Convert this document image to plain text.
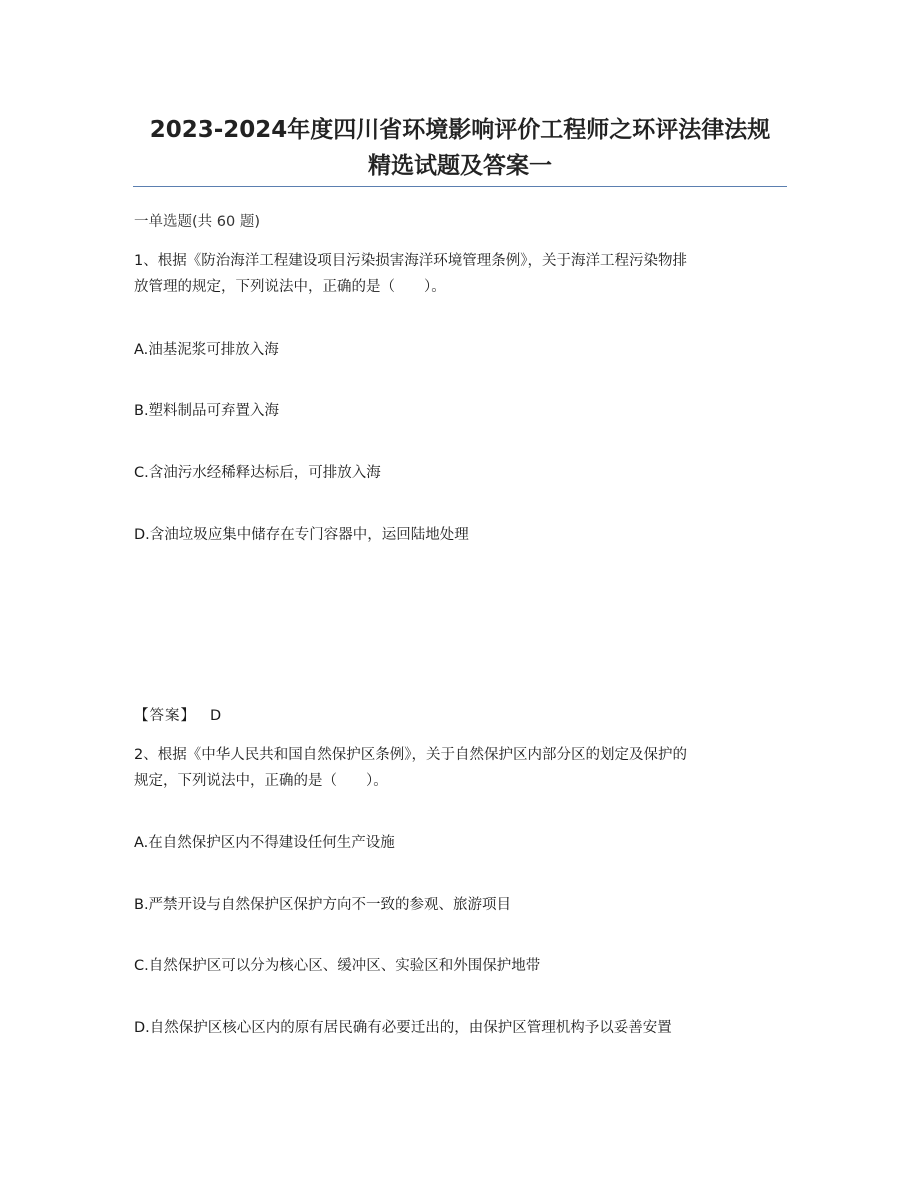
2023-2024年度四川省环境影响评价工程师之环评法律法规
精选试题及答案一
一单选题(共 60 题)
1、根据《防治海洋工程建设项目污染损害海洋环境管理条例》，关于海洋工程污染物排
放管理的规定，下列说法中，正确的是（　　）。
A.油基泥浆可排放入海
B.塑料制品可弃置入海
C.含油污水经稀释达标后，可排放入海
D.含油垃圾应集中储存在专门容器中，运回陆地处理
【答案】 D
2、根据《中华人民共和国自然保护区条例》，关于自然保护区内部分区的划定及保护的
规定，下列说法中，正确的是（　　）。
A.在自然保护区内不得建设任何生产设施
B.严禁开设与自然保护区保护方向不一致的参观、旅游项目
C.自然保护区可以分为核心区、缓冲区、实验区和外围保护地带
D.自然保护区核心区内的原有居民确有必要迁出的，由保护区管理机构予以妥善安置
